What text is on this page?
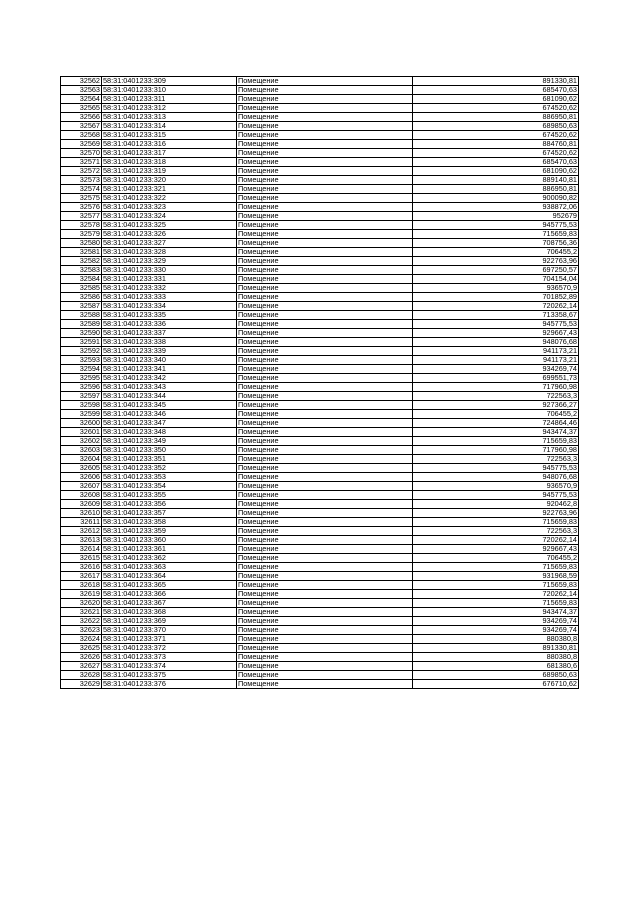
32562	58:31:0401233:309	Помещение	891330,81
32563	58:31:0401233:310	Помещение	685470,63
32564	58:31:0401233:311	Помещение	681090,62
32565	58:31:0401233:312	Помещение	674520,62
32566	58:31:0401233:313	Помещение	886950,81
32567	58:31:0401233:314	Помещение	689850,63
32568	58:31:0401233:315	Помещение	674520,62
32569	58:31:0401233:316	Помещение	884760,81
32570	58:31:0401233:317	Помещение	674520,62
32571	58:31:0401233:318	Помещение	685470,63
32572	58:31:0401233:319	Помещение	681090,62
32573	58:31:0401233:320	Помещение	889140,81
32574	58:31:0401233:321	Помещение	886950,81
32575	58:31:0401233:322	Помещение	900090,82
32576	58:31:0401233:323	Помещение	938872,06
32577	58:31:0401233:324	Помещение	952679
32578	58:31:0401233:325	Помещение	945775,53
32579	58:31:0401233:326	Помещение	715659,83
32580	58:31:0401233:327	Помещение	708756,36
32581	58:31:0401233:328	Помещение	706455,2
32582	58:31:0401233:329	Помещение	922763,96
32583	58:31:0401233:330	Помещение	697250,57
32584	58:31:0401233:331	Помещение	704154,04
32585	58:31:0401233:332	Помещение	936570,9
32586	58:31:0401233:333	Помещение	701852,89
32587	58:31:0401233:334	Помещение	720262,14
32588	58:31:0401233:335	Помещение	713358,67
32589	58:31:0401233:336	Помещение	945775,53
32590	58:31:0401233:337	Помещение	929667,43
32591	58:31:0401233:338	Помещение	948076,68
32592	58:31:0401233:339	Помещение	941173,21
32593	58:31:0401233:340	Помещение	941173,21
32594	58:31:0401233:341	Помещение	934269,74
32595	58:31:0401233:342	Помещение	699551,73
32596	58:31:0401233:343	Помещение	717960,98
32597	58:31:0401233:344	Помещение	722563,3
32598	58:31:0401233:345	Помещение	927366,27
32599	58:31:0401233:346	Помещение	706455,2
32600	58:31:0401233:347	Помещение	724864,46
32601	58:31:0401233:348	Помещение	943474,37
32602	58:31:0401233:349	Помещение	715659,83
32603	58:31:0401233:350	Помещение	717960,98
32604	58:31:0401233:351	Помещение	722563,3
32605	58:31:0401233:352	Помещение	945775,53
32606	58:31:0401233:353	Помещение	948076,68
32607	58:31:0401233:354	Помещение	936570,9
32608	58:31:0401233:355	Помещение	945775,53
32609	58:31:0401233:356	Помещение	920462,8
32610	58:31:0401233:357	Помещение	922763,96
32611	58:31:0401233:358	Помещение	715659,83
32612	58:31:0401233:359	Помещение	722563,3
32613	58:31:0401233:360	Помещение	720262,14
32614	58:31:0401233:361	Помещение	929667,43
32615	58:31:0401233:362	Помещение	706455,2
32616	58:31:0401233:363	Помещение	715659,83
32617	58:31:0401233:364	Помещение	931968,59
32618	58:31:0401233:365	Помещение	715659,83
32619	58:31:0401233:366	Помещение	720262,14
32620	58:31:0401233:367	Помещение	715659,83
32621	58:31:0401233:368	Помещение	943474,37
32622	58:31:0401233:369	Помещение	934269,74
32623	58:31:0401233:370	Помещение	934269,74
32624	58:31:0401233:371	Помещение	880380,8
32625	58:31:0401233:372	Помещение	891330,81
32626	58:31:0401233:373	Помещение	880380,8
32627	58:31:0401233:374	Помещение	681380,6
32628	58:31:0401233:375	Помещение	689850,63
32629	58:31:0401233:376	Помещение	676710,62
